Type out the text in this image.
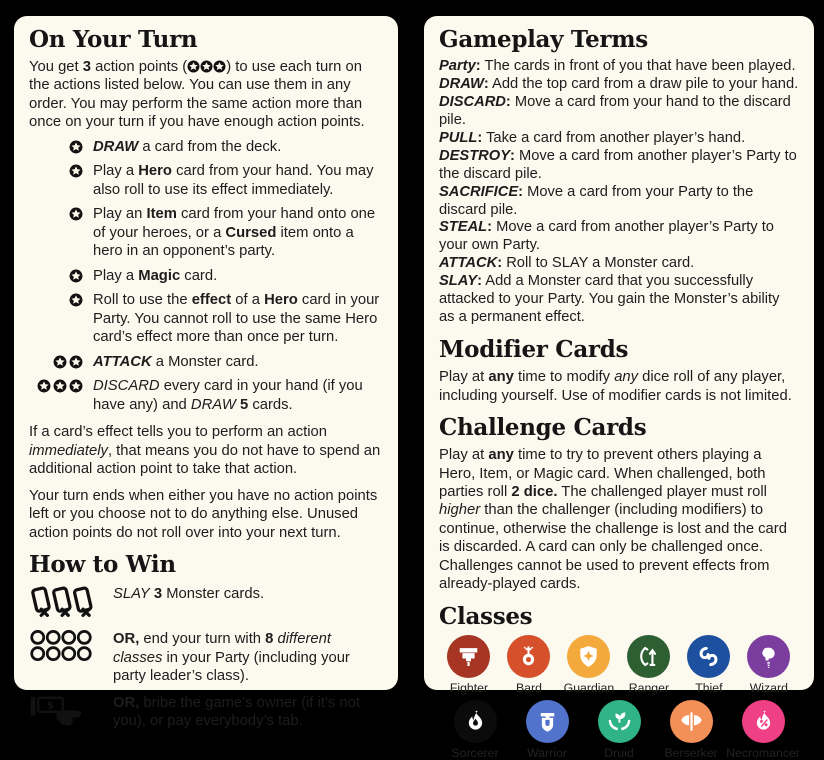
On Your Turn

You get 3 action points (	) to use each turn on the actions listed below. You can use them in any order. You may perform the same action more than once on your turn if you have enough action points.

DRAW a card from the deck.
Play a Hero card from your hand. You may also roll to use its effect immediately.
Play an Item card from your hand onto one of your heroes, or a Cursed item onto a hero in an opponent’s party.
Play a Magic card.
Roll to use the effect of a Hero card in your Party. You cannot roll to use the same Hero card’s effect more than once per turn.
ATTACK a Monster card.
DISCARD every card in your hand (if you have any) and DRAW 5 cards.

If a card’s effect tells you to perform an action immediately, that means you do not have to spend an additional action point to take that action.

Your turn ends when either you have no action points left or you choose not to do anything else. Unused action points do not roll over into your next turn.

How to Win
SLAY 3 Monster cards.
OR, end your turn with 8 different classes in your Party (including your party leader’s class).
$	OR, bribe the game’s owner (if it’s not you), or pay everybody’s tab.
Gameplay Terms

Party: The cards in front of you that have been played.

DRAW: Add the top card from a draw pile to your hand.

DISCARD: Move a card from your hand to the discard pile.

PULL: Take a card from another player’s hand.

DESTROY: Move a card from another player’s Party to the discard pile.

SACRIFICE: Move a card from your Party to the discard pile.

STEAL: Move a card from another player’s Party to your own Party.

ATTACK: Roll to SLAY a Monster card.

SLAY: Add a Monster card that you successfully attacked to your Party. You gain the Monster’s ability as a permanent effect.

Modifier Cards

Play at any time to modify any dice roll of any player, including yourself. Use of modifier cards is not limited.

Challenge Cards

Play at any time to try to prevent others playing a Hero, Item, or Magic card. When challenged, both parties roll 2 dice. The challenged player must roll higher than the challenger (including modifiers) to continue, otherwise the challenge is lost and the card is discarded. A card can only be challenged once. Challenges cannot be used to prevent effects from already-played cards.

Classes
Fighter Bard Guardian Ranger Thief Wizard
Sorcerer Warrior	Druid Berserker Necromancer
